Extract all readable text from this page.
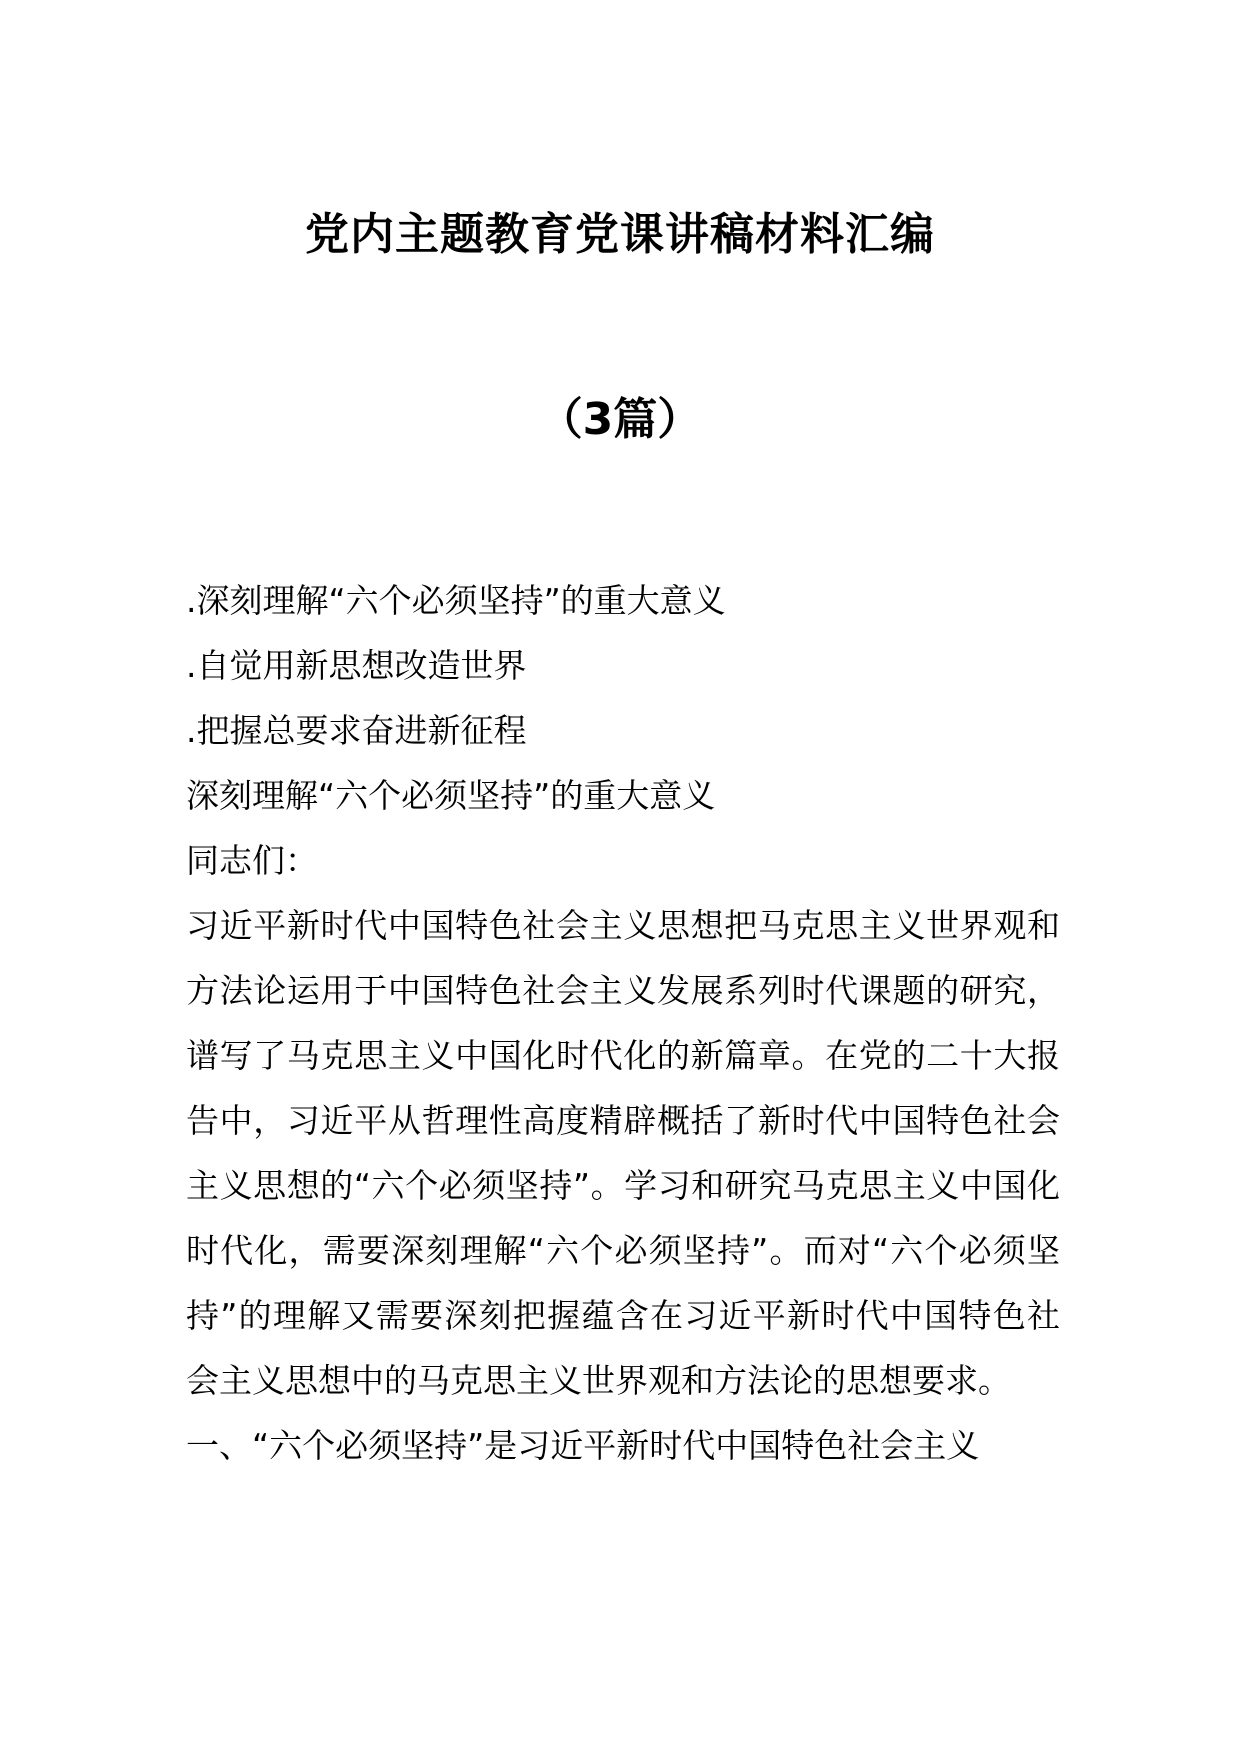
党内主题教育党课讲稿材料汇编
（3篇）
.深刻理解“六个必须坚持”的重大意义
.自觉用新思想改造世界
.把握总要求奋进新征程
深刻理解“六个必须坚持”的重大意义
同志们：

习近平新时代中国特色社会主义思想把马克思主义世界观和方法论运用于中国特色社会主义发展系列时代课题的研究，谱写了马克思主义中国化时代化的新篇章。在党的二十大报告中，习近平从哲理性高度精辟概括了新时代中国特色社会主义思想的“六个必须坚持”。学习和研究马克思主义中国化时代化，需要深刻理解“六个必须坚持”。而对“六个必须坚持”的理解又需要深刻把握蕴含在习近平新时代中国特色社会主义思想中的马克思主义世界观和方法论的思想要求。

一、“六个必须坚持”是习近平新时代中国特色社会主义
